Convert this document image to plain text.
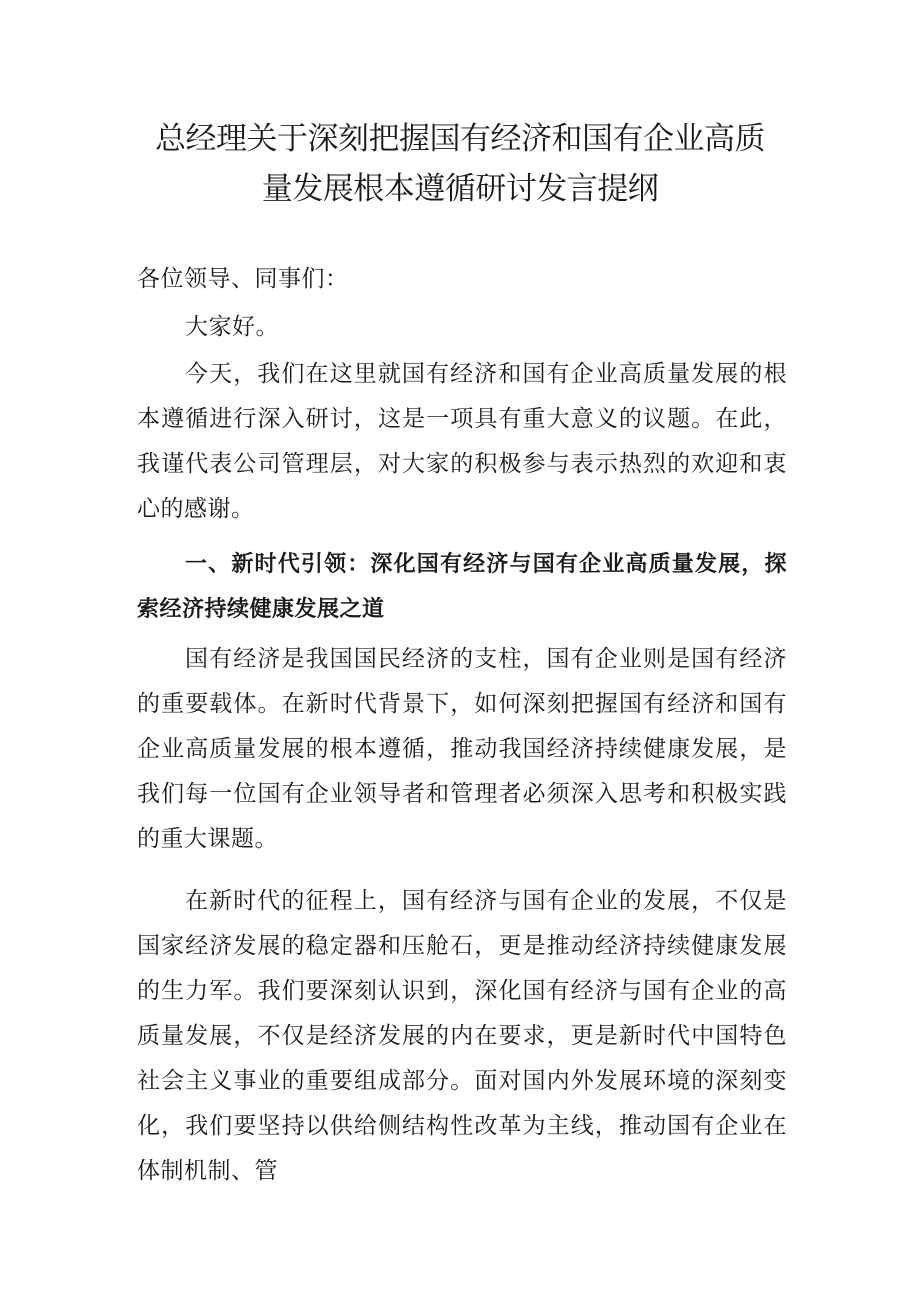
总经理关于深刻把握国有经济和国有企业高质
量发展根本遵循研讨发言提纲

各位领导、同事们：

大家好。

今天，我们在这里就国有经济和国有企业高质量发展的根本遵循进行深入研讨，这是一项具有重大意义的议题。在此，我谨代表公司管理层，对大家的积极参与表示热烈的欢迎和衷心的感谢。

一、新时代引领：深化国有经济与国有企业高质量发展，探索经济持续健康发展之道

国有经济是我国国民经济的支柱，国有企业则是国有经济的重要载体。在新时代背景下，如何深刻把握国有经济和国有企业高质量发展的根本遵循，推动我国经济持续健康发展，是我们每一位国有企业领导者和管理者必须深入思考和积极实践的重大课题。

在新时代的征程上，国有经济与国有企业的发展，不仅是国家经济发展的稳定器和压舱石，更是推动经济持续健康发展的生力军。我们要深刻认识到，深化国有经济与国有企业的高质量发展，不仅是经济发展的内在要求，更是新时代中国特色社会主义事业的重要组成部分。面对国内外发展环境的深刻变化，我们要坚持以供给侧结构性改革为主线，推动国有企业在体制机制、管
